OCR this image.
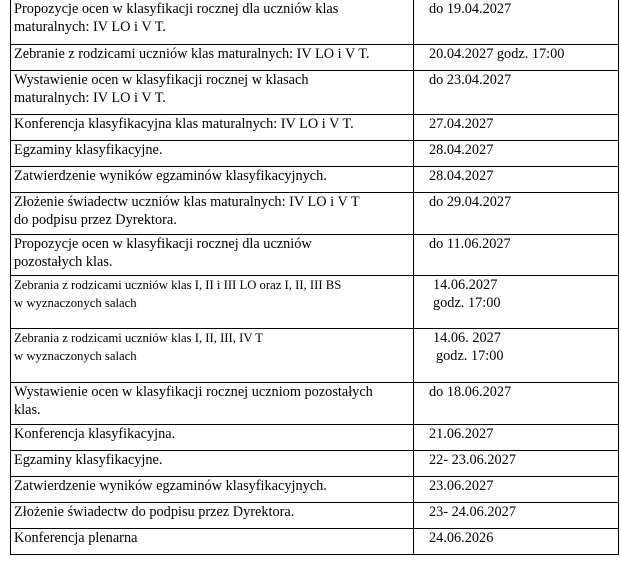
Propozycje ocen w klasyfikacji rocznej dla uczniów klas
maturalnych: IV LO i V T.	do 19.04.2027

Zebranie z rodzicami uczniów klas maturalnych: IV LO i V T.	20.04.2027 godz. 17:00

Wystawienie ocen w klasyfikacji rocznej w klasach
maturalnych: IV LO i V T.	do 23.04.2027

Konferencja klasyfikacyjna klas maturalnych: IV LO i V T.	27.04.2027

Egzaminy klasyfikacyjne.	28.04.2027

Zatwierdzenie wyników egzaminów klasyfikacyjnych.	28.04.2027

Złożenie świadectw uczniów klas maturalnych: IV LO i V T
do podpisu przez Dyrektora.	do 29.04.2027

Propozycje ocen w klasyfikacji rocznej dla uczniów
pozostałych klas.	do 11.06.2027

Zebrania z rodzicami uczniów klas I, II i III LO oraz I, II, III BS
w wyznaczonych salach	14.06.2027
godz. 17:00

Zebrania z rodzicami uczniów klas I, II, III, IV T
w wyznaczonych salach	14.06. 2027
godz. 17:00

Wystawienie ocen w klasyfikacji rocznej uczniom pozostałych
klas.	do 18.06.2027

Konferencja klasyfikacyjna.	21.06.2027

Egzaminy klasyfikacyjne.	22- 23.06.2027

Zatwierdzenie wyników egzaminów klasyfikacyjnych.	23.06.2027

Złożenie świadectw do podpisu przez Dyrektora.	23- 24.06.2027

Konferencja plenarna	24.06.2026
